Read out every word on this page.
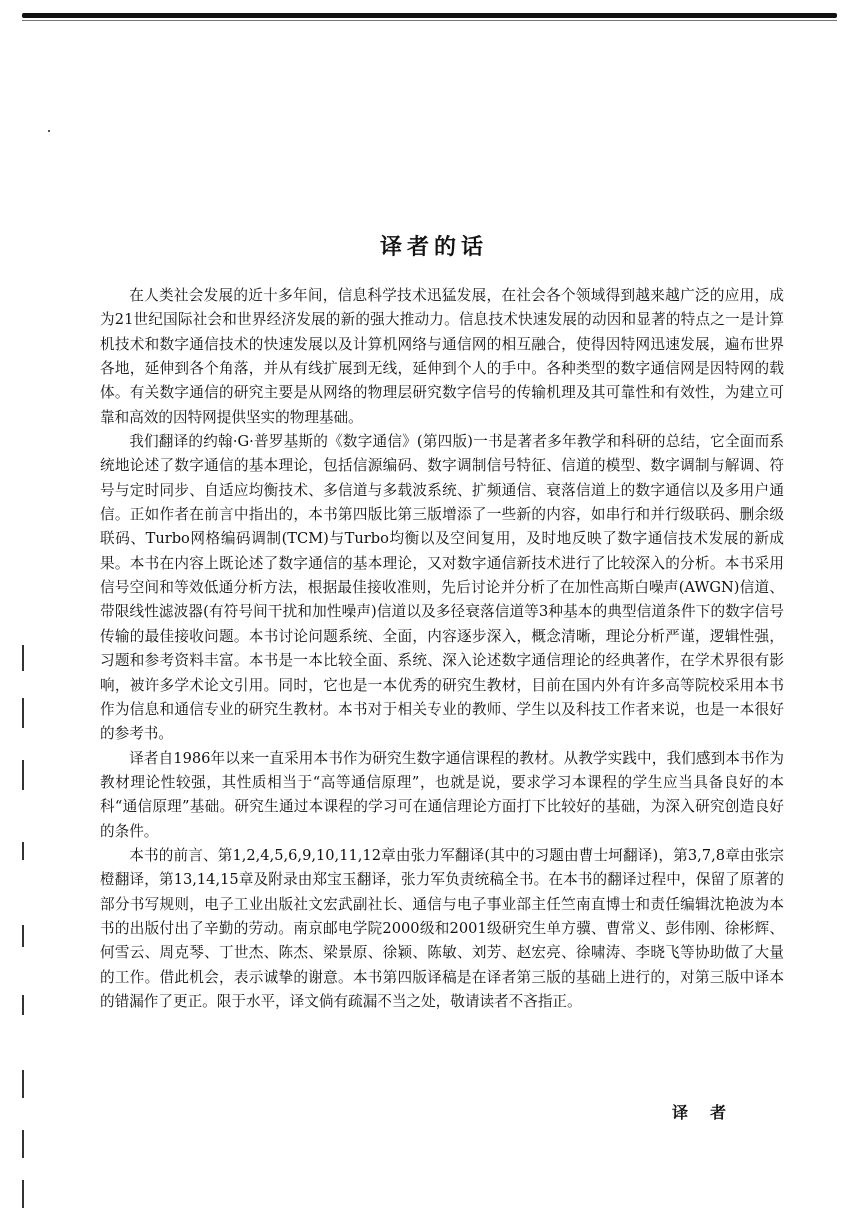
译者的话

在人类社会发展的近十多年间，信息科学技术迅猛发展，在社会各个领域得到越来越广泛的应用，成为21世纪国际社会和世界经济发展的新的强大推动力。信息技术快速发展的动因和显著的特点之一是计算机技术和数字通信技术的快速发展以及计算机网络与通信网的相互融合，使得因特网迅速发展，遍布世界各地，延伸到各个角落，并从有线扩展到无线，延伸到个人的手中。各种类型的数字通信网是因特网的载体。有关数字通信的研究主要是从网络的物理层研究数字信号的传输机理及其可靠性和有效性，为建立可靠和高效的因特网提供坚实的物理基础。

我们翻译的约翰·G·普罗基斯的《数字通信》(第四版)一书是著者多年教学和科研的总结，它全面而系统地论述了数字通信的基本理论，包括信源编码、数字调制信号特征、信道的模型、数字调制与解调、符号与定时同步、自适应均衡技术、多信道与多载波系统、扩频通信、衰落信道上的数字通信以及多用户通信。正如作者在前言中指出的，本书第四版比第三版增添了一些新的内容，如串行和并行级联码、删余级联码、Turbo网格编码调制(TCM)与Turbo均衡以及空间复用，及时地反映了数字通信技术发展的新成果。本书在内容上既论述了数字通信的基本理论，又对数字通信新技术进行了比较深入的分析。本书采用信号空间和等效低通分析方法，根据最佳接收准则，先后讨论并分析了在加性高斯白噪声(AWGN)信道、带限线性滤波器(有符号间干扰和加性噪声)信道以及多径衰落信道等3种基本的典型信道条件下的数字信号传输的最佳接收问题。本书讨论问题系统、全面，内容逐步深入，概念清晰，理论分析严谨，逻辑性强，习题和参考资料丰富。本书是一本比较全面、系统、深入论述数字通信理论的经典著作，在学术界很有影响，被许多学术论文引用。同时，它也是一本优秀的研究生教材，目前在国内外有许多高等院校采用本书作为信息和通信专业的研究生教材。本书对于相关专业的教师、学生以及科技工作者来说，也是一本很好的参考书。

译者自1986年以来一直采用本书作为研究生数字通信课程的教材。从教学实践中，我们感到本书作为教材理论性较强，其性质相当于“高等通信原理”，也就是说，要求学习本课程的学生应当具备良好的本科“通信原理”基础。研究生通过本课程的学习可在通信理论方面打下比较好的基础，为深入研究创造良好的条件。

本书的前言、第1,2,4,5,6,9,10,11,12章由张力军翻译(其中的习题由曹士坷翻译)，第3,7,8章由张宗橙翻译，第13,14,15章及附录由郑宝玉翻译，张力军负责统稿全书。在本书的翻译过程中，保留了原著的部分书写规则，电子工业出版社文宏武副社长、通信与电子事业部主任竺南直博士和责任编辑沈艳波为本书的出版付出了辛勤的劳动。南京邮电学院2000级和2001级研究生单方骥、曹常义、彭伟刚、徐彬辉、何雪云、周克琴、丁世杰、陈杰、梁景原、徐颖、陈敏、刘芳、赵宏亮、徐啸涛、李晓飞等协助做了大量的工作。借此机会，表示诚挚的谢意。本书第四版译稿是在译者第三版的基础上进行的，对第三版中译本的错漏作了更正。限于水平，译文倘有疏漏不当之处，敬请读者不吝指正。

译者
